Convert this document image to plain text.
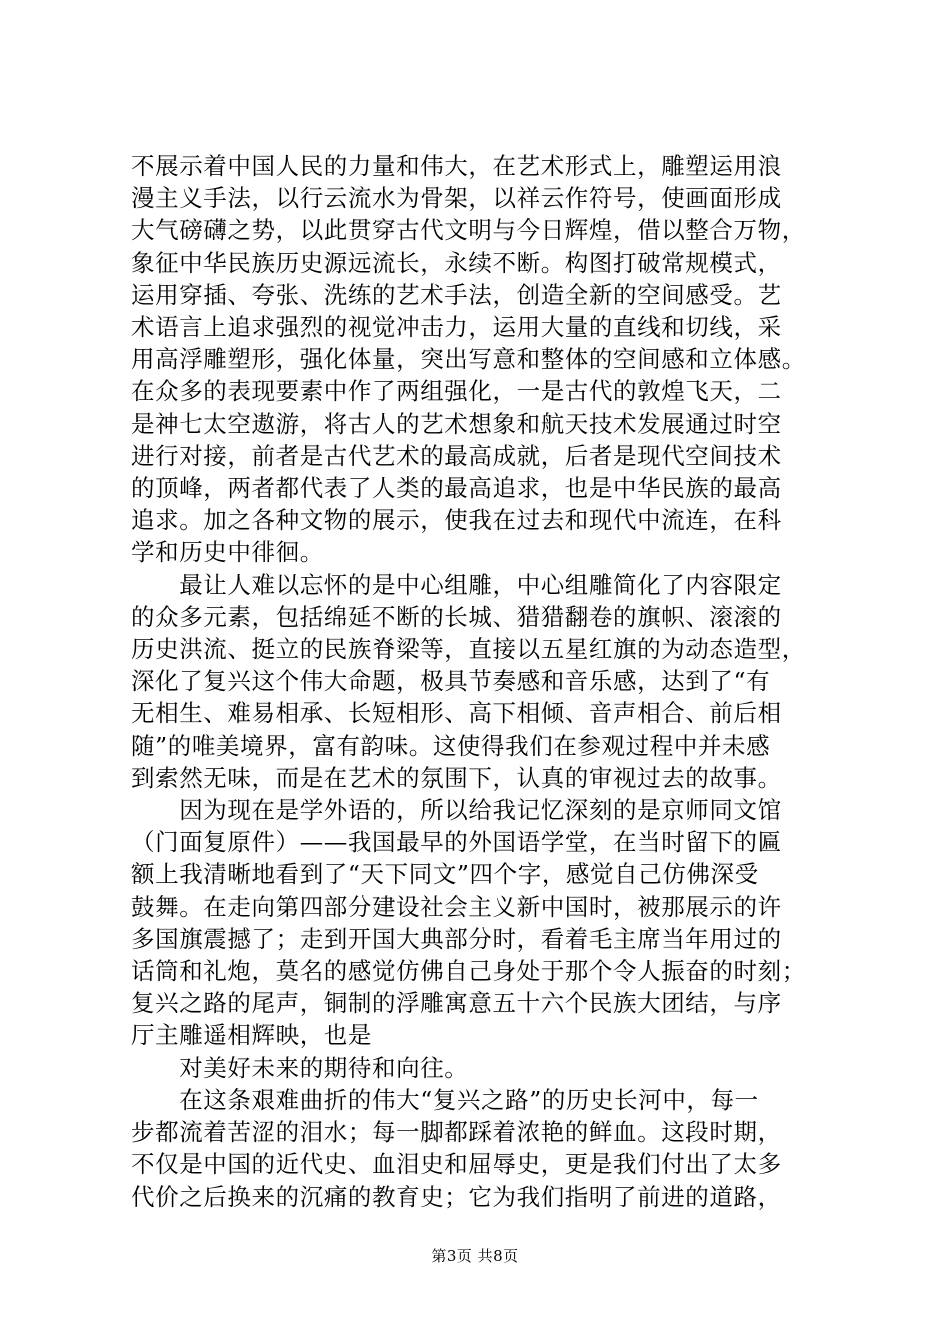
不展示着中国人民的力量和伟大，在艺术形式上，雕塑运用浪
漫主义手法，以行云流水为骨架，以祥云作符号，使画面形成
大气磅礴之势，以此贯穿古代文明与今日辉煌，借以整合万物，
象征中华民族历史源远流长，永续不断。构图打破常规模式，
运用穿插、夸张、洗练的艺术手法，创造全新的空间感受。艺
术语言上追求强烈的视觉冲击力，运用大量的直线和切线，采
用高浮雕塑形，强化体量，突出写意和整体的空间感和立体感。
在众多的表现要素中作了两组强化，一是古代的敦煌飞天，二
是神七太空遨游，将古人的艺术想象和航天技术发展通过时空
进行对接，前者是古代艺术的最高成就，后者是现代空间技术
的顶峰，两者都代表了人类的最高追求，也是中华民族的最高
追求。加之各种文物的展示，使我在过去和现代中流连，在科
学和历史中徘徊。

　　最让人难以忘怀的是中心组雕，中心组雕简化了内容限定
的众多元素，包括绵延不断的长城、猎猎翻卷的旗帜、滚滚的
历史洪流、挺立的民族脊梁等，直接以五星红旗的为动态造型，
深化了复兴这个伟大命题，极具节奏感和音乐感，达到了“有
无相生、难易相承、长短相形、高下相倾、音声相合、前后相
随”的唯美境界，富有韵味。这使得我们在参观过程中并未感
到索然无味，而是在艺术的氛围下，认真的审视过去的故事。

　　因为现在是学外语的，所以给我记忆深刻的是京师同文馆
（门面复原件）——我国最早的外国语学堂，在当时留下的匾
额上我清晰地看到了“天下同文”四个字，感觉自己仿佛深受
鼓舞。在走向第四部分建设社会主义新中国时，被那展示的许
多国旗震撼了；走到开国大典部分时，看着毛主席当年用过的
话筒和礼炮，莫名的感觉仿佛自己身处于那个令人振奋的时刻；
复兴之路的尾声，铜制的浮雕寓意五十六个民族大团结，与序
厅主雕遥相辉映，也是

　　对美好未来的期待和向往。

　　在这条艰难曲折的伟大“复兴之路”的历史长河中，每一
步都流着苦涩的泪水；每一脚都踩着浓艳的鲜血。这段时期，
不仅是中国的近代史、血泪史和屈辱史，更是我们付出了太多
代价之后换来的沉痛的教育史；它为我们指明了前进的道路，

第3页 共8页
